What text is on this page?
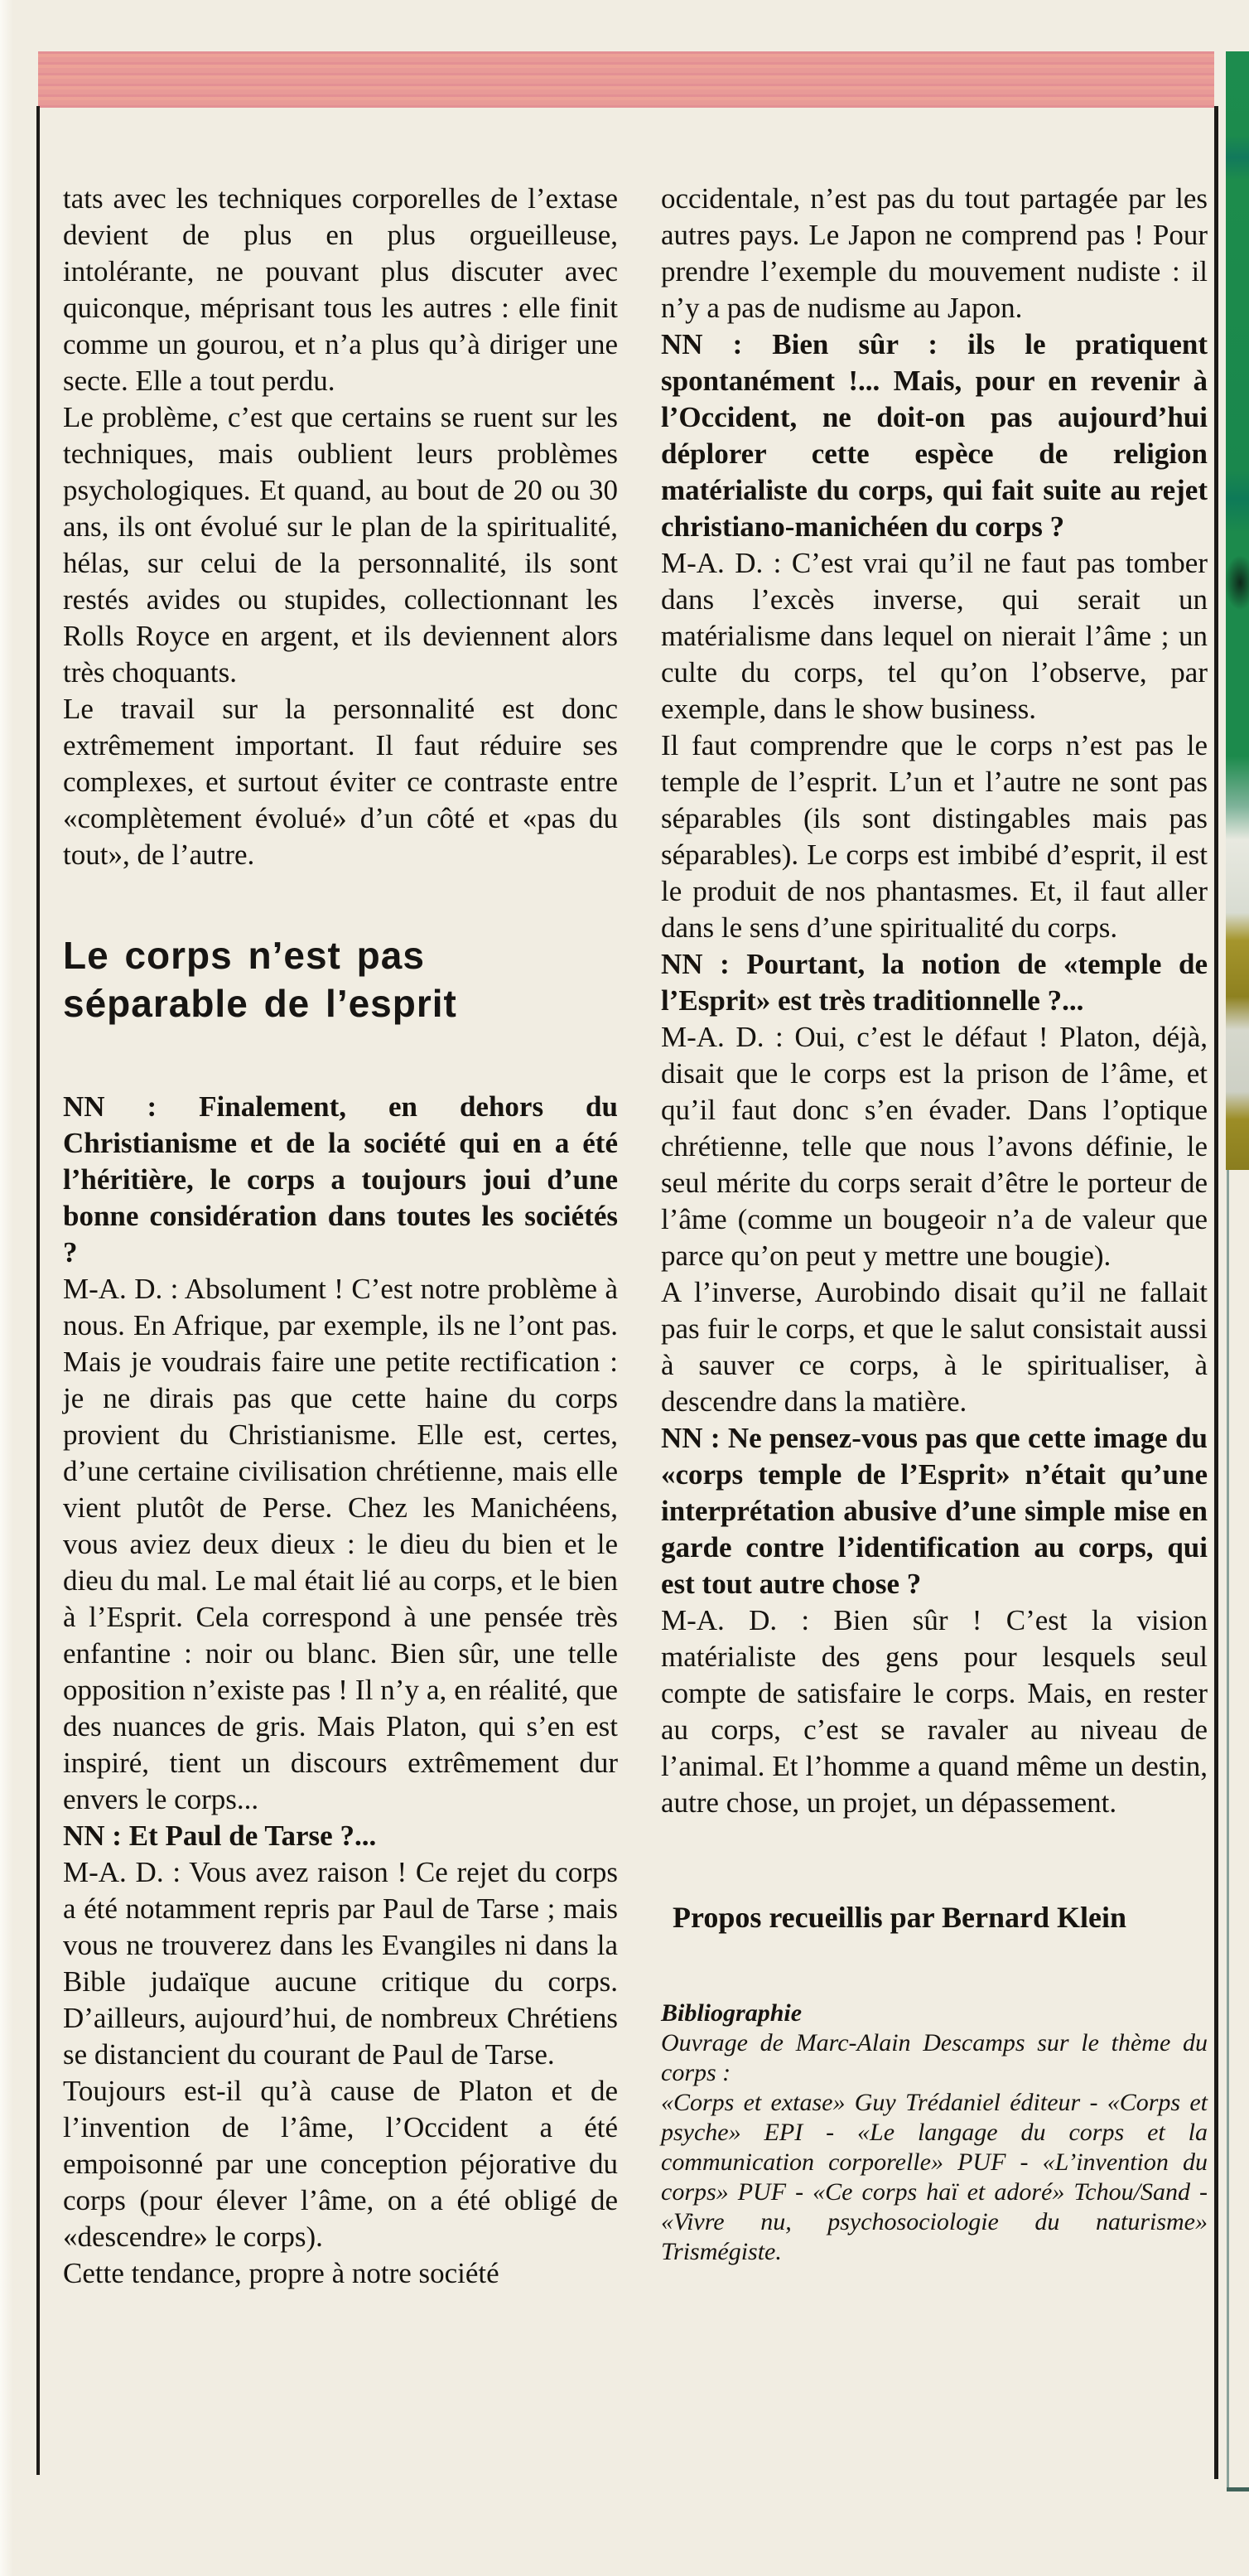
tats avec les techniques corporelles de l’extase devient de plus en plus orgueilleuse, intolérante, ne pouvant plus discuter avec quiconque, méprisant tous les autres : elle finit comme un gourou, et n’a plus qu’à diriger une secte. Elle a tout perdu.

Le problème, c’est que certains se ruent sur les techniques, mais oublient leurs problèmes psychologiques. Et quand, au bout de 20 ou 30 ans, ils ont évolué sur le plan de la spiritualité, hélas, sur celui de la personnalité, ils sont restés avides ou stupides, collectionnant les Rolls Royce en argent, et ils deviennent alors très choquants.

Le travail sur la personnalité est donc extrêmement important. Il faut réduire ses complexes, et surtout éviter ce contraste entre «complètement évolué» d’un côté et «pas du tout», de l’autre.

Le corps n’est pas séparable de l’esprit

NN : Finalement, en dehors du Christianisme et de la société qui en a été l’héritière, le corps a toujours joui d’une bonne considération dans toutes les sociétés ?

M-A. D. : Absolument ! C’est notre problème à nous. En Afrique, par exemple, ils ne l’ont pas. Mais je voudrais faire une petite rectification : je ne dirais pas que cette haine du corps provient du Christianisme. Elle est, certes, d’une certaine civilisation chrétienne, mais elle vient plutôt de Perse. Chez les Manichéens, vous aviez deux dieux : le dieu du bien et le dieu du mal. Le mal était lié au corps, et le bien à l’Esprit. Cela correspond à une pensée très enfantine : noir ou blanc. Bien sûr, une telle opposition n’existe pas ! Il n’y a, en réalité, que des nuances de gris. Mais Platon, qui s’en est inspiré, tient un discours extrêmement dur envers le corps...

NN : Et Paul de Tarse ?...

M-A. D. : Vous avez raison ! Ce rejet du corps a été notamment repris par Paul de Tarse ; mais vous ne trouverez dans les Evangiles ni dans la Bible judaïque aucune critique du corps. D’ailleurs, aujourd’hui, de nombreux Chrétiens se distancient du courant de Paul de Tarse.

Toujours est-il qu’à cause de Platon et de l’invention de l’âme, l’Occident a été empoisonné par une conception péjorative du corps (pour élever l’âme, on a été obligé de «descendre» le corps).

Cette tendance, propre à notre société

occidentale, n’est pas du tout partagée par les autres pays. Le Japon ne comprend pas ! Pour prendre l’exemple du mouvement nudiste : il n’y a pas de nudisme au Japon.

NN : Bien sûr : ils le pratiquent spontanément !... Mais, pour en revenir à l’Occident, ne doit-on pas aujourd’hui déplorer cette espèce de religion matérialiste du corps, qui fait suite au rejet christiano-manichéen du corps ?

M-A. D. : C’est vrai qu’il ne faut pas tomber dans l’excès inverse, qui serait un matérialisme dans lequel on nierait l’âme ; un culte du corps, tel qu’on l’observe, par exemple, dans le show business.

Il faut comprendre que le corps n’est pas le temple de l’esprit. L’un et l’autre ne sont pas séparables (ils sont distingables mais pas séparables). Le corps est imbibé d’esprit, il est le produit de nos phantasmes. Et, il faut aller dans le sens d’une spiritualité du corps.

NN : Pourtant, la notion de «temple de l’Esprit» est très traditionnelle ?...

M-A. D. : Oui, c’est le défaut ! Platon, déjà, disait que le corps est la prison de l’âme, et qu’il faut donc s’en évader. Dans l’optique chrétienne, telle que nous l’avons définie, le seul mérite du corps serait d’être le porteur de l’âme (comme un bougeoir n’a de valeur que parce qu’on peut y mettre une bougie).

A l’inverse, Aurobindo disait qu’il ne fallait pas fuir le corps, et que le salut consistait aussi à sauver ce corps, à le spiritualiser, à descendre dans la matière.

NN : Ne pensez-vous pas que cette image du «corps temple de l’Esprit» n’était qu’une interprétation abusive d’une simple mise en garde contre l’identification au corps, qui est tout autre chose ?

M-A. D. : Bien sûr ! C’est la vision matérialiste des gens pour lesquels seul compte de satisfaire le corps. Mais, en rester au corps, c’est se ravaler au niveau de l’animal. Et l’homme a quand même un destin, autre chose, un projet, un dépassement.

Propos recueillis par Bernard Klein

Bibliographie

Ouvrage de Marc-Alain Descamps sur le thème du corps :

«Corps et extase» Guy Trédaniel éditeur - «Corps et psyche» EPI - «Le langage du corps et la communication corporelle» PUF - «L’invention du corps» PUF - «Ce corps haï et adoré» Tchou/Sand - «Vivre nu, psychosociologie du naturisme» Trismégiste.
